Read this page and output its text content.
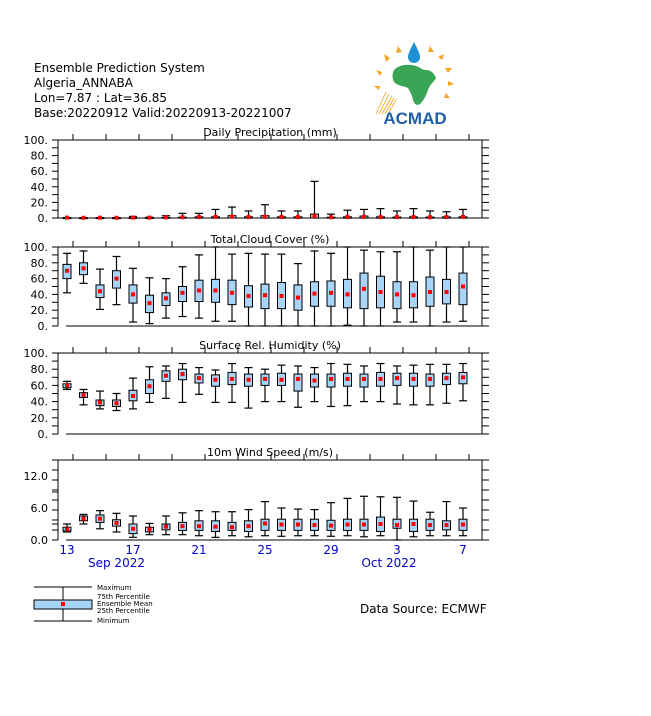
Ensemble Prediction System
Algeria_ANNABA
Lon=7.87 : Lat=36.85
Base:20220912 Valid:20220913-20221007	ACMAD
0.
20.
40.
60.
80.
100.
Daily Precipitation (mm)
0.
20.
40.
60.
80.
100.
Total Cloud Cover (%)
0.
20.
40.
60.
80.
100.
Surface Rel. Humidity (%)
0.0
6.0
12.0
10m Wind Speed (m/s)
13	17	21	25	29	3	7
Sep 2022	Oct 2022
Maximum
75th Percentile
Ensemble Mean
25th Percentile
Minimum
Data Source: ECMWF
